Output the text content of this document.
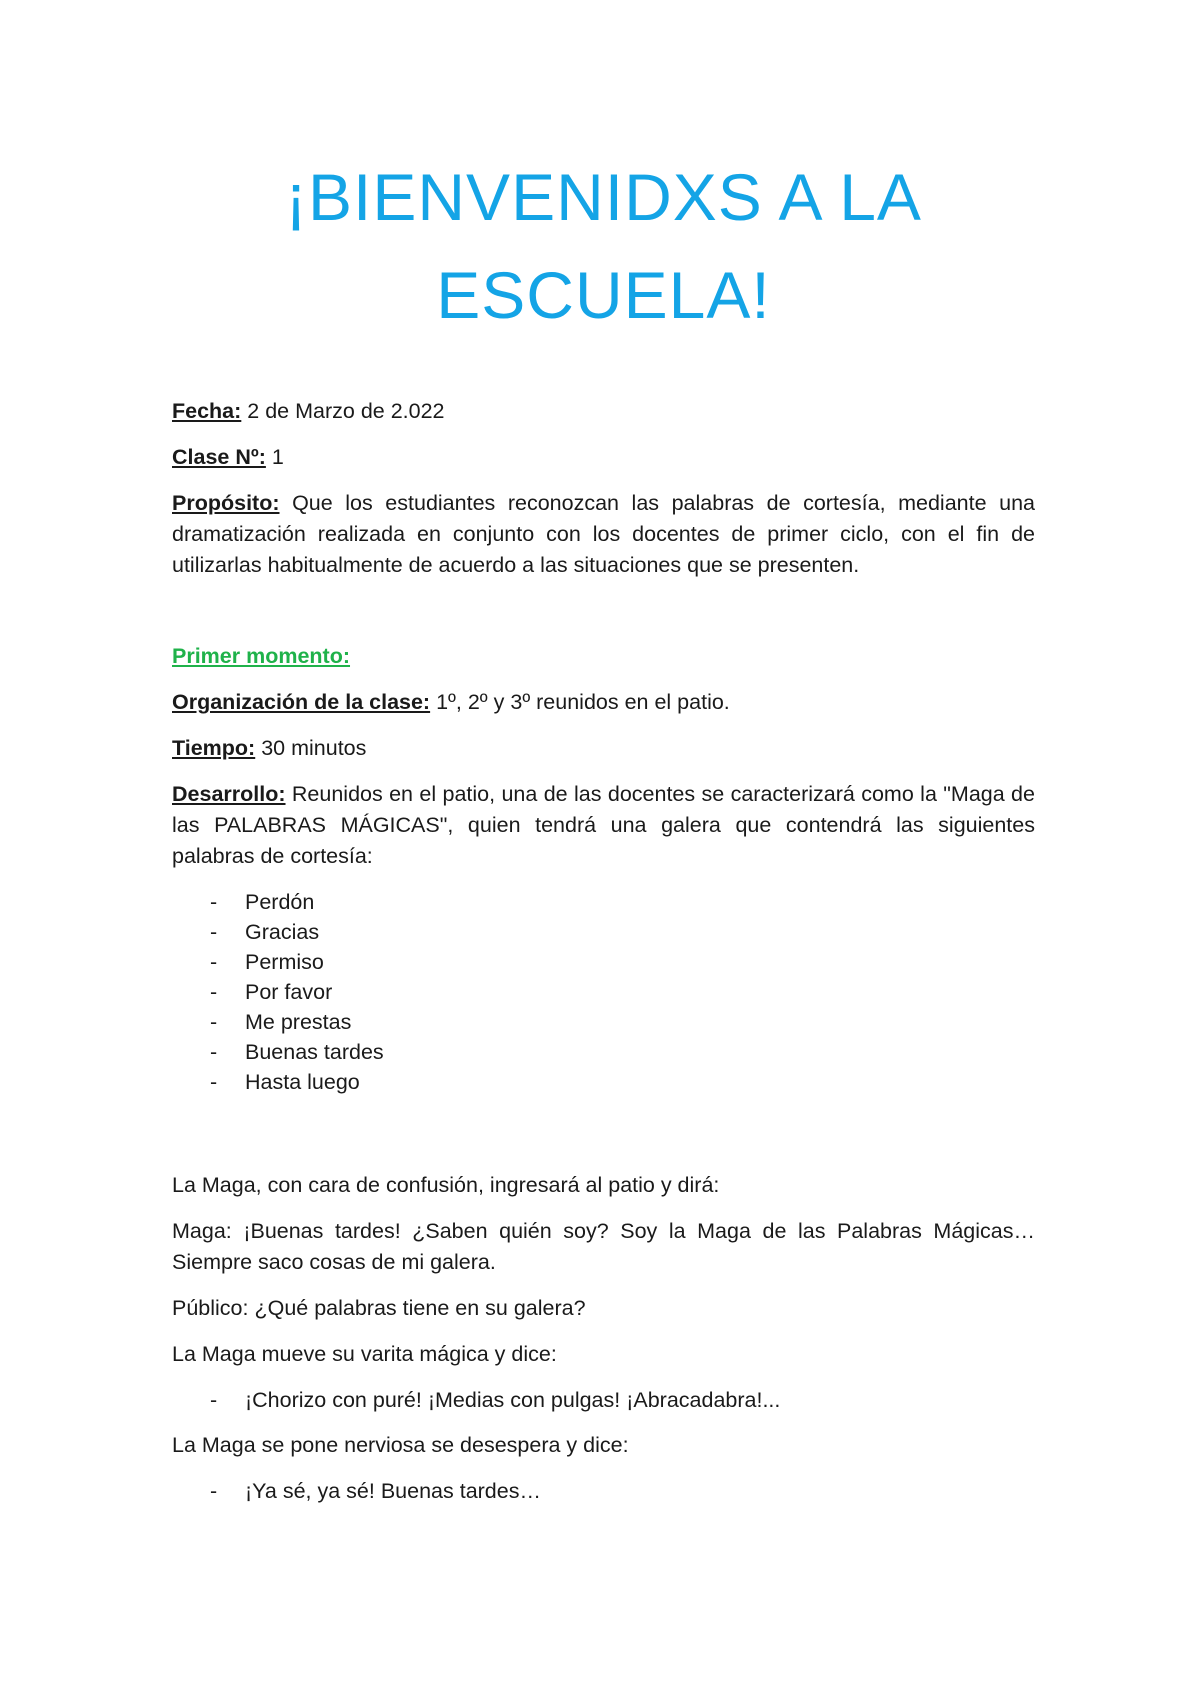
¡BIENVENIDXS A LA ESCUELA!

Fecha: 2 de Marzo de 2.022

Clase Nº: 1

Propósito: Que los estudiantes reconozcan las palabras de cortesía, mediante una dramatización realizada en conjunto con los docentes de primer ciclo, con el fin de utilizarlas habitualmente de acuerdo a las situaciones que se presenten.

Primer momento:

Organización de la clase: 1º, 2º y 3º reunidos en el patio.

Tiempo: 30 minutos

Desarrollo: Reunidos en el patio, una de las docentes se caracterizará como la "Maga de las PALABRAS MÁGICAS", quien tendrá una galera que contendrá las siguientes palabras de cortesía:

- Perdón
- Gracias
- Permiso
- Por favor
- Me prestas
- Buenas tardes
- Hasta luego

La Maga, con cara de confusión, ingresará al patio y dirá:

Maga: ¡Buenas tardes! ¿Saben quién soy? Soy la Maga de las Palabras Mágicas… Siempre saco cosas de mi galera.

Público: ¿Qué palabras tiene en su galera?

La Maga mueve su varita mágica y dice:

- ¡Chorizo con puré! ¡Medias con pulgas! ¡Abracadabra!...

La Maga se pone nerviosa se desespera y dice:

- ¡Ya sé, ya sé! Buenas tardes…
